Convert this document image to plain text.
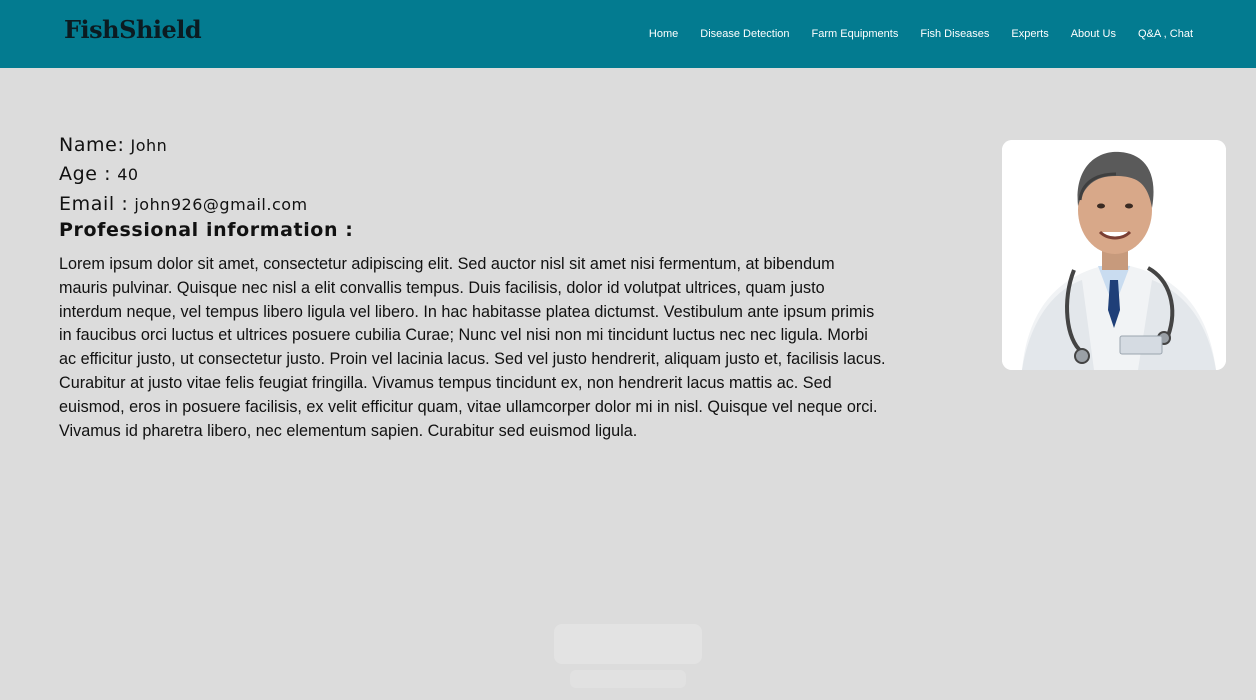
FishShield	Home Disease Detection Farm Equipments Fish Diseases Experts About Us Q&A , Chat
Name: John
Age : 40
Email : john926@gmail.com
Professional information :

Lorem ipsum dolor sit amet, consectetur adipiscing elit. Sed auctor nisl sit amet nisi fermentum, at bibendum mauris pulvinar. Quisque nec nisl a elit convallis tempus. Duis facilisis, dolor id volutpat ultrices, quam justo interdum neque, vel tempus libero ligula vel libero. In hac habitasse platea dictumst. Vestibulum ante ipsum primis in faucibus orci luctus et ultrices posuere cubilia Curae; Nunc vel nisi non mi tincidunt luctus nec nec ligula. Morbi ac efficitur justo, ut consectetur justo. Proin vel lacinia lacus. Sed vel justo hendrerit, aliquam justo et, facilisis lacus. Curabitur at justo vitae felis feugiat fringilla. Vivamus tempus tincidunt ex, non hendrerit lacus mattis ac. Sed euismod, eros in posuere facilisis, ex velit efficitur quam, vitae ullamcorper dolor mi in nisl. Quisque vel neque orci. Vivamus id pharetra libero, nec elementum sapien. Curabitur sed euismod ligula.
